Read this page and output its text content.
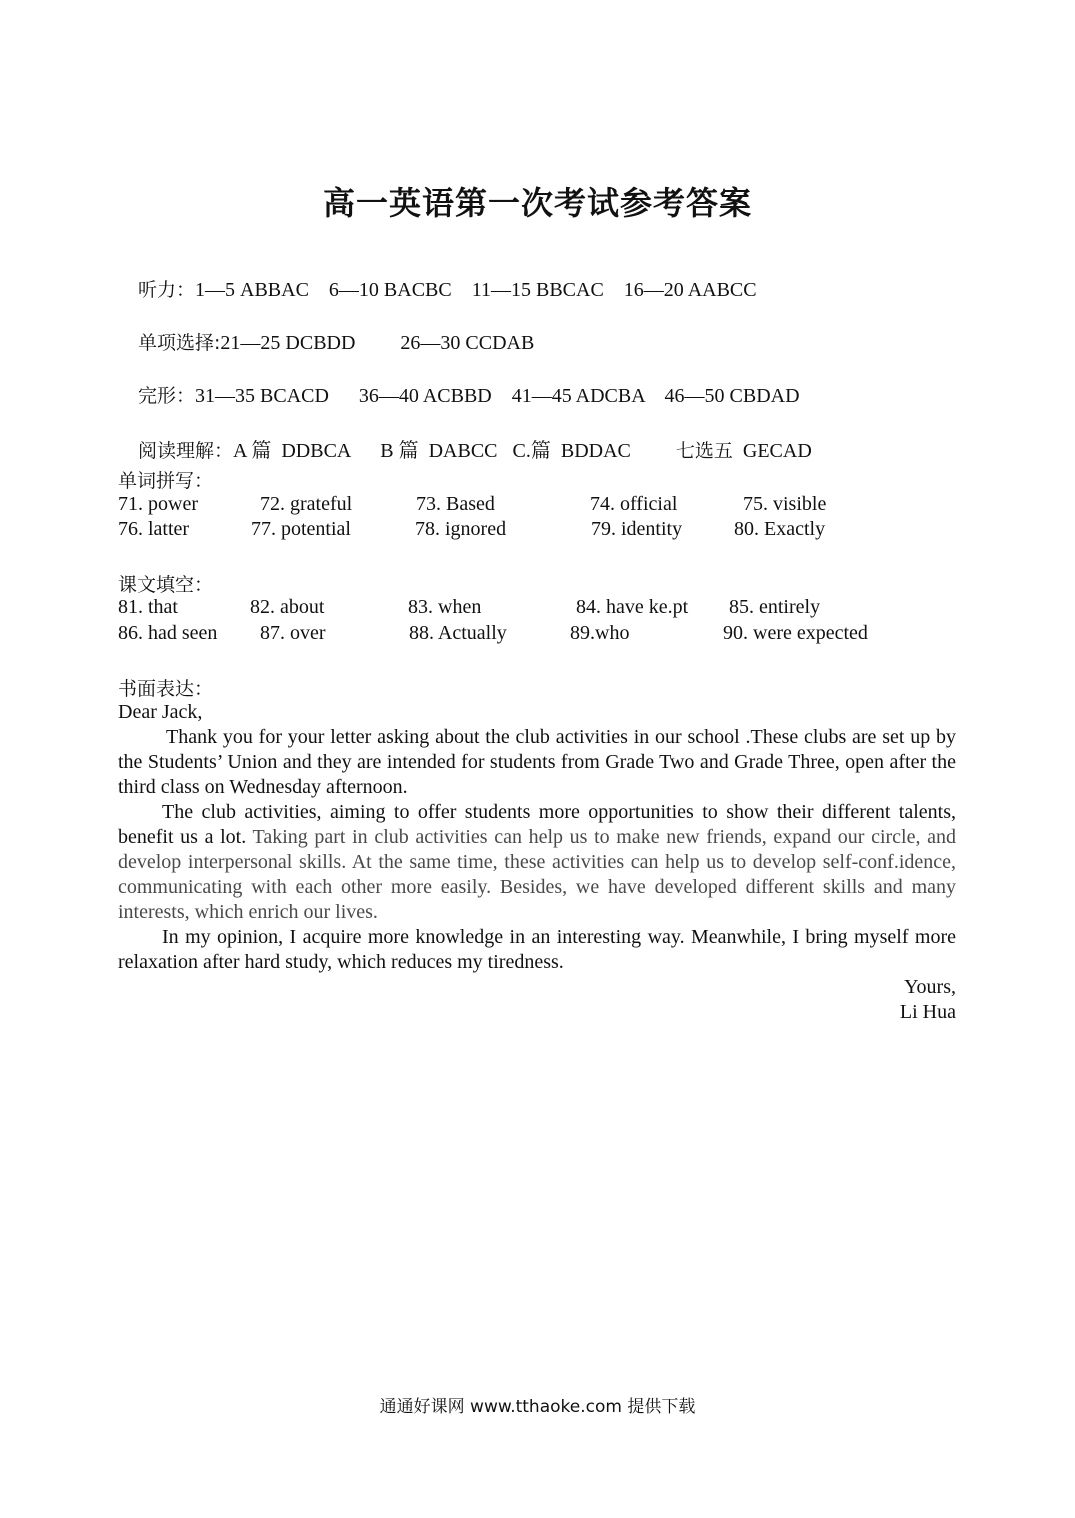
高一英语第一次考试参考答案

听力：1—5 ABBAC 6—10 BACBC 11—15 BBCAC 16—20 AABCC

单项选择:21—25 DCBDD 26—30 CCDAB

完形：31—35 BCACD 36—40 ACBBD 41—45 ADCBA 46—50 CBDAD

阅读理解：A 篇 DDBCA B 篇 DABCC C.篇 BDDAC 七选五 GECAD

单词拼写：
71. power	72. grateful	73. Based	74. official	75. visible
76. latter	77. potential	78. ignored	79. identity	80. Exactly
课文填空：
81. that	82. about	83. when	84. have ke.pt 85. entirely
86. had seen 87. over	88. Actually	89.who	90. were expected
书面表达：

Dear Jack,

Thank you for your letter asking about the club activities in our school .These clubs are set up by the Students’ Union and they are intended for students from Grade Two and Grade Three, open after the third class on Wednesday afternoon.

The club activities, aiming to offer students more opportunities to show their different talents, benefit us a lot. Taking part in club activities can help us to make new friends, expand our circle, and develop interpersonal skills. At the same time, these activities can help us to develop self-conf.idence, communicating with each other more easily. Besides, we have developed different skills and many interests, which enrich our lives.

In my opinion, I acquire more knowledge in an interesting way. Meanwhile, I bring myself more relaxation after hard study, which reduces my tiredness.

Yours,

Li Hua

通通好课网 www.tthaoke.com 提供下载
